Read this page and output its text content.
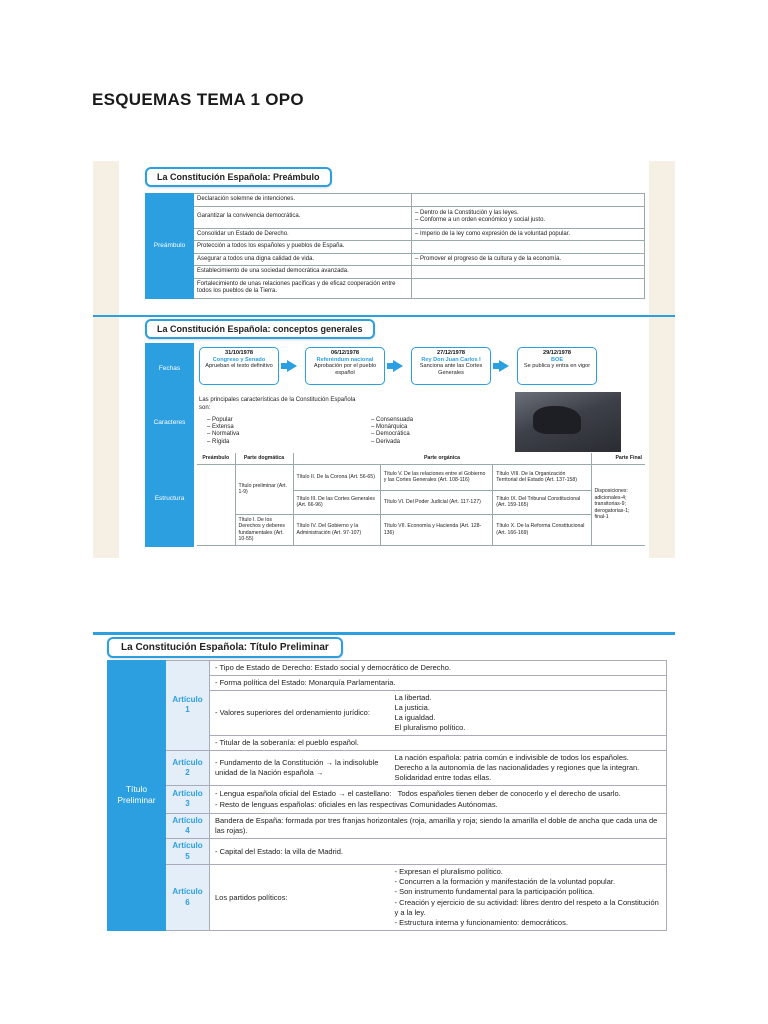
ESQUEMAS TEMA 1 OPO
La Constitución Española: Preámbulo
Preámbulo	Declaración solemne de intenciones.	
	Garantizar la convivencia democrática.	– Dentro de la Constitución y las leyes.
– Conforme a un orden económico y social justo.
	Consolidar un Estado de Derecho.	– Imperio de la ley como expresión de la voluntad popular.
	Protección a todos los españoles y pueblos de España.	
	Asegurar a todos una digna calidad de vida.	– Promover el progreso de la cultura y de la economía.
	Establecimiento de una sociedad democrática avanzada.	
	Fortalecimiento de unas relaciones pacíficas y de eficaz cooperación entre todos los pueblos de la Tierra.	
La Constitución Española: conceptos generales
Fechas	
Caracteres	
Estructura	
31/10/1978
Congreso y Senado
Aprueban el texto definitivo
06/12/1978
Referéndum nacional
Aprobación por el pueblo español
27/12/1978
Rey Don Juan Carlos I
Sanciona ante las Cortes Generales
29/12/1978
BOE
Se publica y entra en vigor
Las principales características de la Constitución Española son:
– Popular
– Extensa
– Normativa
– Rígida
– Consensuada
– Monárquica
– Democrática
– Derivada
Preámbulo	Parte dogmática	Parte orgánica			Parte Final
	Título preliminar (Art. 1-9)	Título II. De la Corona (Art. 56-65)	Título V. De las relaciones entre el Gobierno y las Cortes Generales (Art. 108-116)	Título VIII. De la Organización Territorial del Estado (Art. 137-158)	Disposiciones: adicionales-4; transitorias-9; derogatorias-1; final-1
		Título III. De las Cortes Generales (Art. 66-96)	Título VI. Del Poder Judicial (Art. 117-127)	Título IX. Del Tribunal Constitucional (Art. 159-165)	
	Título I. De los Derechos y deberes fundamentales (Art. 10-55)	Título IV. Del Gobierno y la Administración (Art. 97-107)	Título VII. Economía y Hacienda (Art. 128-136)	Título X. De la Reforma Constitucional (Art. 166-169)	
La Constitución Española: Título Preliminar
Título Preliminar	Artículo 1	- Tipo de Estado de Derecho: Estado social y democrático de Derecho.	
		- Forma política del Estado: Monarquía Parlamentaria.	
		- Valores superiores del ordenamiento jurídico:	La libertad.
La justicia.
La igualdad.
El pluralismo político.

		- Titular de la soberanía: el pueblo español.	
	Artículo 2	- Fundamento de la Constitución → la indisoluble unidad de la Nación española →	La nación española: patria común e indivisible de todos los españoles.
Derecho a la autonomía de las nacionalidades y regiones que la integran.
Solidaridad entre todas ellas.

	Artículo 3	- Lengua española oficial del Estado → el castellano: Todos españoles tienen deber de conocerlo y el derecho de usarlo.
- Resto de lenguas españolas: oficiales en las respectivas Comunidades Autónomas.	

	Artículo 4	Bandera de España: formada por tres franjas horizontales (roja, amarilla y roja; siendo la amarilla el doble de ancha que cada una de las rojas).	
	Artículo 5	- Capital del Estado: la villa de Madrid.	
	Artículo 6	Los partidos políticos:	- Expresan el pluralismo político.
- Concurren a la formación y manifestación de la voluntad popular.
- Son instrumento fundamental para la participación política.
- Creación y ejercicio de su actividad: libres dentro del respeto a la Constitución y a la ley.
- Estructura interna y funcionamiento: democráticos.
